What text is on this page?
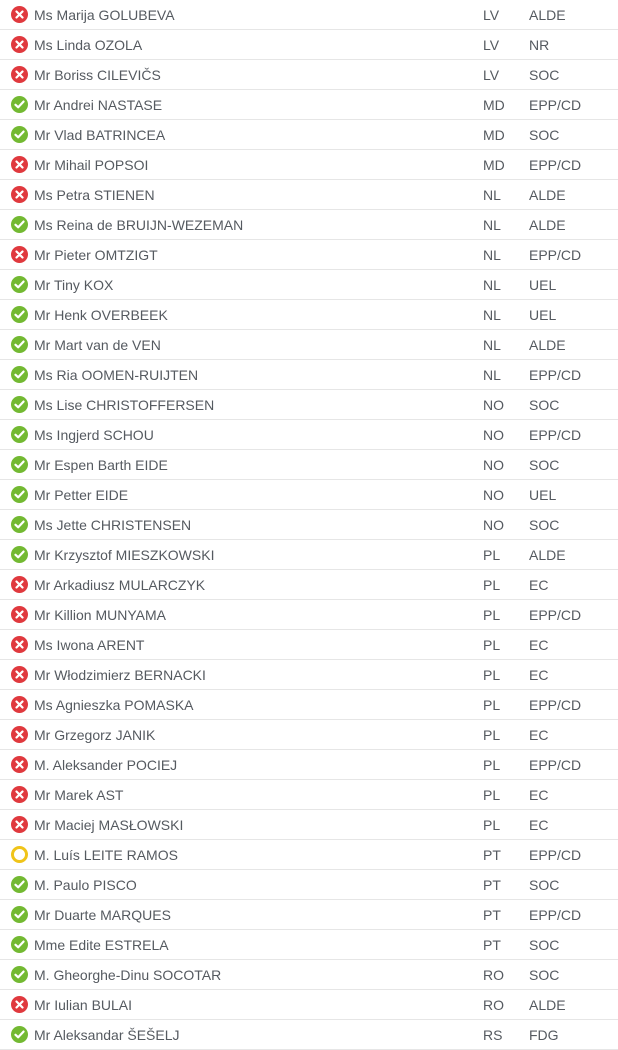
Ms Marija GOLUBEVA	LV ALDE
Ms Linda OZOLA	LV NR
Mr Boriss CILEVIČS	LV SOC
Mr Andrei NASTASE	MD EPP/CD
Mr Vlad BATRINCEA	MD SOC
Mr Mihail POPSOI	MD EPP/CD
Ms Petra STIENEN	NL ALDE
Ms Reina de BRUIJN-WEZEMAN	NL ALDE
Mr Pieter OMTZIGT	NL EPP/CD
Mr Tiny KOX	NL UEL
Mr Henk OVERBEEK	NL UEL
Mr Mart van de VEN	NL ALDE
Ms Ria OOMEN-RUIJTEN	NL EPP/CD
Ms Lise CHRISTOFFERSEN	NO SOC
Ms Ingjerd SCHOU	NO EPP/CD
Mr Espen Barth EIDE	NO SOC
Mr Petter EIDE	NO UEL
Ms Jette CHRISTENSEN	NO SOC
Mr Krzysztof MIESZKOWSKI	PL ALDE
Mr Arkadiusz MULARCZYK	PL EC
Mr Killion MUNYAMA	PL EPP/CD
Ms Iwona ARENT	PL EC
Mr Włodzimierz BERNACKI	PL EC
Ms Agnieszka POMASKA	PL EPP/CD
Mr Grzegorz JANIK	PL EC
M. Aleksander POCIEJ	PL EPP/CD
Mr Marek AST	PL EC
Mr Maciej MASŁOWSKI	PL EC
M. Luís LEITE RAMOS	PT EPP/CD
M. Paulo PISCO	PT SOC
Mr Duarte MARQUES	PT EPP/CD
Mme Edite ESTRELA	PT SOC
M. Gheorghe-Dinu SOCOTAR	RO SOC
Mr Iulian BULAI	RO ALDE
Mr Aleksandar ŠEŠELJ	RS FDG
